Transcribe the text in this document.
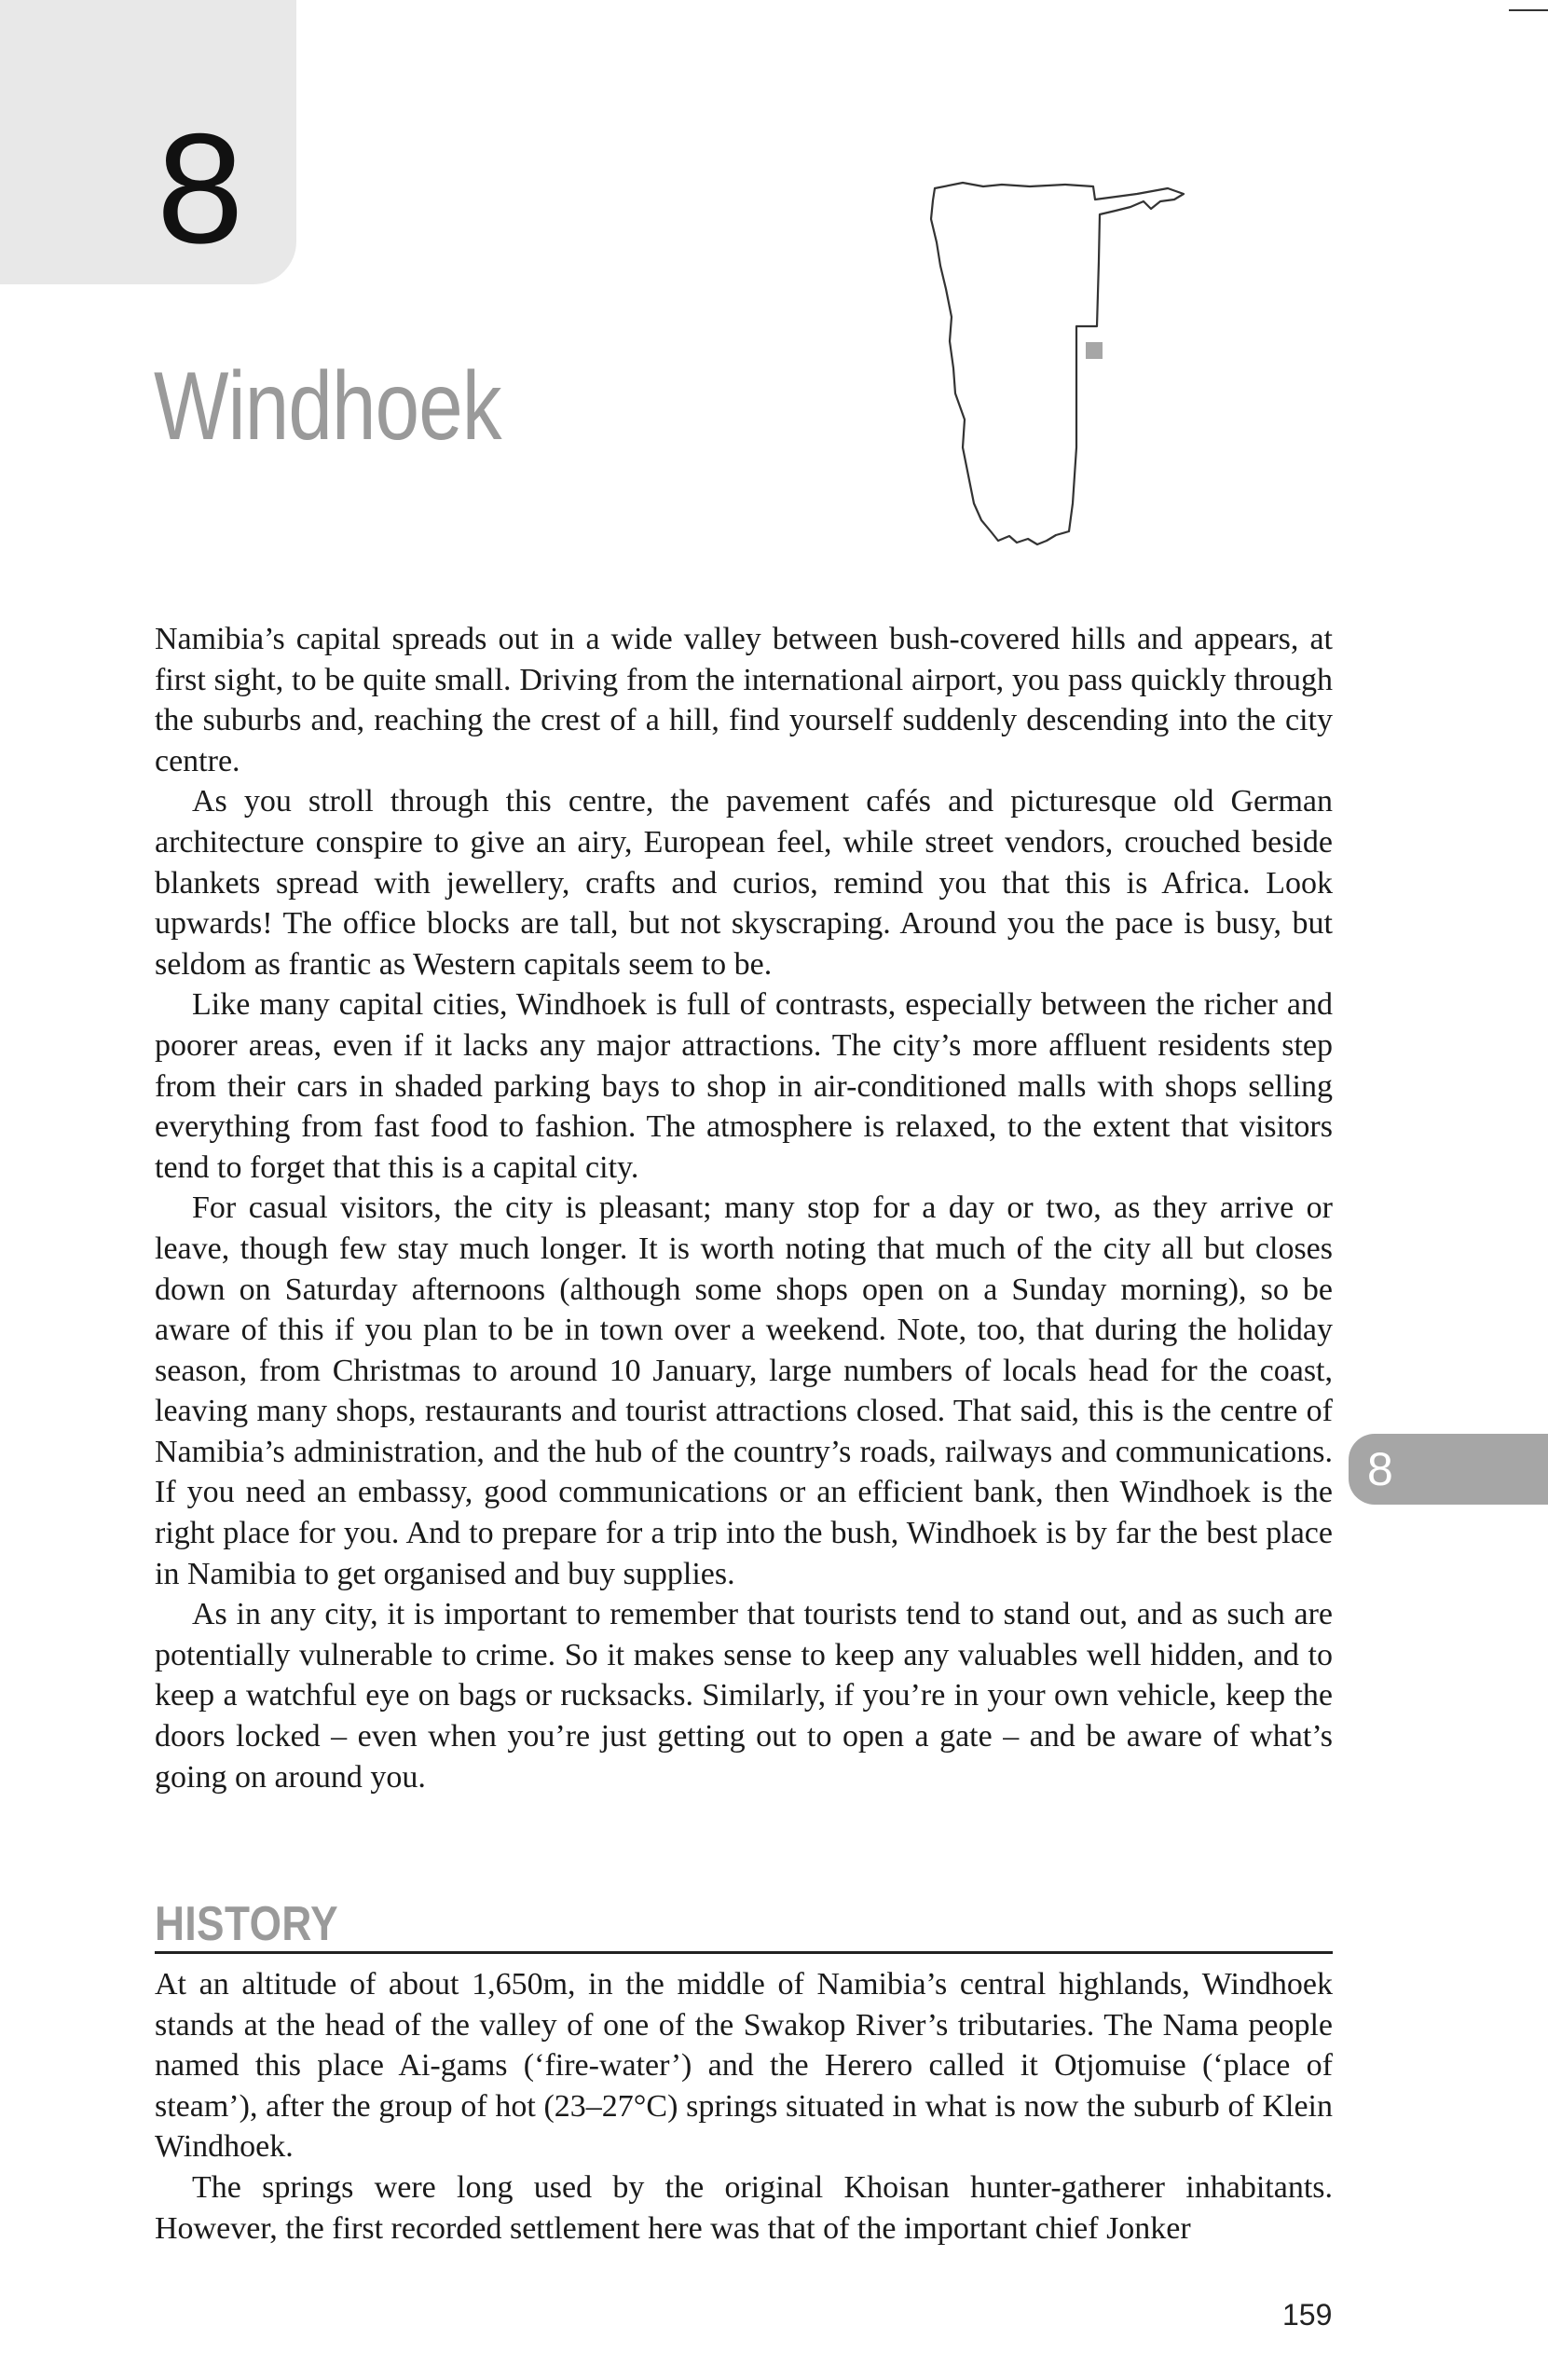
8
Windhoek

Namibia’s capital spreads out in a wide valley between bush-covered hills and appears, at first sight, to be quite small. Driving from the international airport, you pass quickly through the suburbs and, reaching the crest of a hill, find yourself suddenly descending into the city centre.

As you stroll through this centre, the pavement cafés and picturesque old German architecture conspire to give an airy, European feel, while street vendors, crouched beside blankets spread with jewellery, crafts and curios, remind you that this is Africa. Look upwards! The office blocks are tall, but not skyscraping. Around you the pace is busy, but seldom as frantic as Western capitals seem to be.

Like many capital cities, Windhoek is full of contrasts, especially between the richer and poorer areas, even if it lacks any major attractions. The city’s more affluent residents step from their cars in shaded parking bays to shop in air-conditioned malls with shops selling everything from fast food to fashion. The atmosphere is relaxed, to the extent that visitors tend to forget that this is a capital city.

For casual visitors, the city is pleasant; many stop for a day or two, as they arrive or leave, though few stay much longer. It is worth noting that much of the city all but closes down on Saturday afternoons (although some shops open on a Sunday morning), so be aware of this if you plan to be in town over a weekend. Note, too, that during the holiday season, from Christmas to around 10 January, large numbers of locals head for the coast, leaving many shops, restaurants and tourist attractions closed. That said, this is the centre of Namibia’s administration, and the hub of the country’s roads, railways and communications. If you need an embassy, good communications or an efficient bank, then Windhoek is the right place for you. And to prepare for a trip into the bush, Windhoek is by far the best place in Namibia to get organised and buy supplies.

As in any city, it is important to remember that tourists tend to stand out, and as such are potentially vulnerable to crime. So it makes sense to keep any valuables well hidden, and to keep a watchful eye on bags or rucksacks. Similarly, if you’re in your own vehicle, keep the doors locked – even when you’re just getting out to open a gate – and be aware of what’s going on around you.

HISTORY

At an altitude of about 1,650m, in the middle of Namibia’s central highlands, Windhoek stands at the head of the valley of one of the Swakop River’s tributaries. The Nama people named this place Ai-gams (‘fire-water’) and the Herero called it Otjomuise (‘place of steam’), after the group of hot (23–27°C) springs situated in what is now the suburb of Klein Windhoek.

The springs were long used by the original Khoisan hunter-gatherer inhabitants. However, the first recorded settlement here was that of the important chief Jonker

8
159
